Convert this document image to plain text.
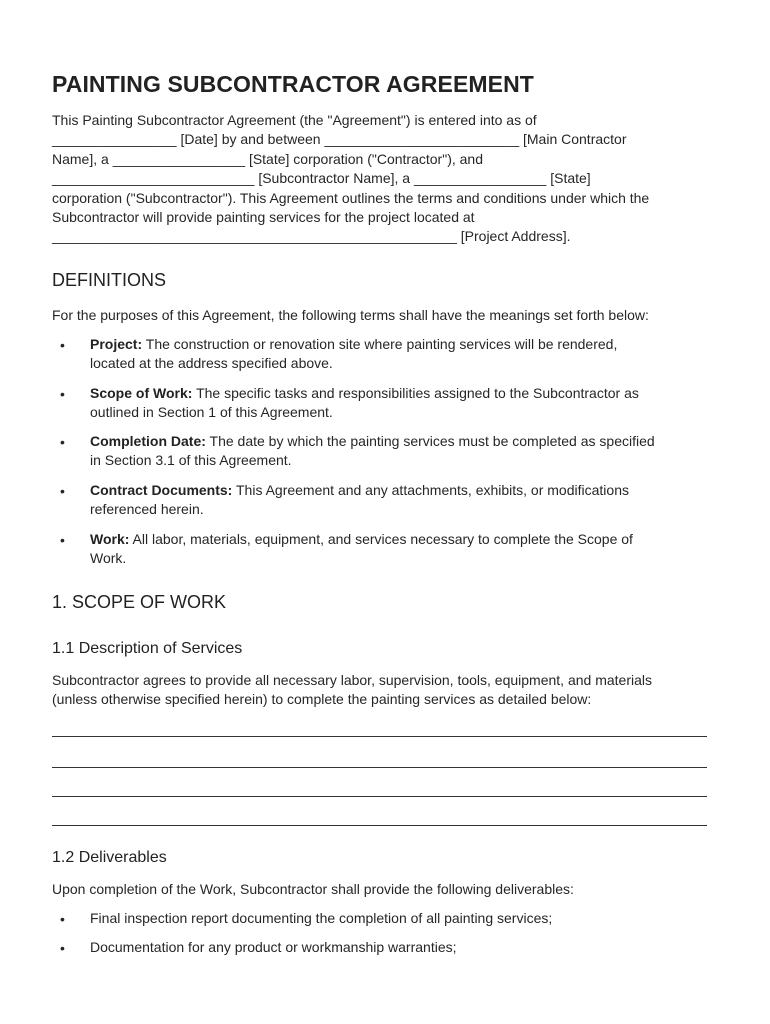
PAINTING SUBCONTRACTOR AGREEMENT

This Painting Subcontractor Agreement (the "Agreement") is entered into as of
________________ [Date] by and between _________________________ [Main Contractor
Name], a _________________ [State] corporation ("Contractor"), and
__________________________ [Subcontractor Name], a _________________ [State]
corporation ("Subcontractor"). This Agreement outlines the terms and conditions under which the
Subcontractor will provide painting services for the project located at
____________________________________________________ [Project Address].

DEFINITIONS

For the purposes of this Agreement, the following terms shall have the meanings set forth below:

• Project: The construction or renovation site where painting services will be rendered,
located at the address specified above.
• Scope of Work: The specific tasks and responsibilities assigned to the Subcontractor as
outlined in Section 1 of this Agreement.
• Completion Date: The date by which the painting services must be completed as specified
in Section 3.1 of this Agreement.
• Contract Documents: This Agreement and any attachments, exhibits, or modifications
referenced herein.
• Work: All labor, materials, equipment, and services necessary to complete the Scope of
Work.
1. SCOPE OF WORK
1.1 Description of Services

Subcontractor agrees to provide all necessary labor, supervision, tools, equipment, and materials

(unless otherwise specified herein) to complete the painting services as detailed below:

1.2 Deliverables

Upon completion of the Work, Subcontractor shall provide the following deliverables:

• Final inspection report documenting the completion of all painting services;
• Documentation for any product or workmanship warranties;
